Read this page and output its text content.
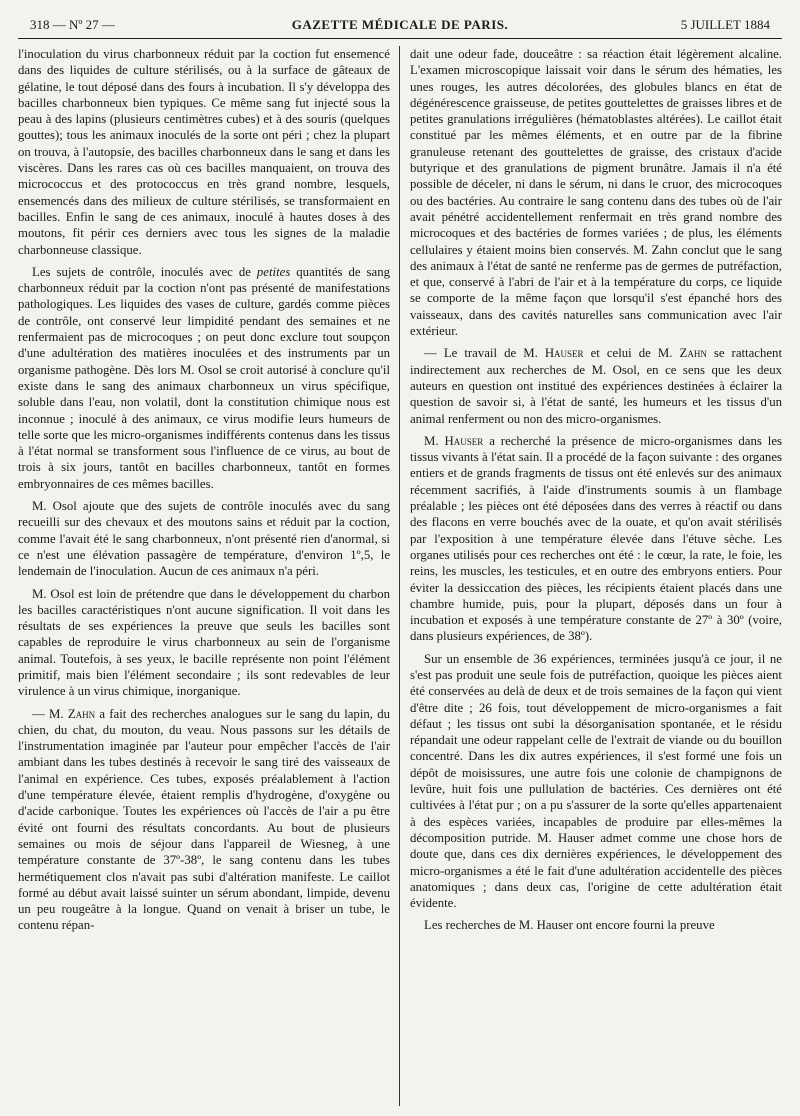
318 — Nº 27 —	GAZETTE MÉDICALE DE PARIS.	5 JUILLET 1884

l'inoculation du virus charbonneux réduit par la coction fut ensemencé dans des liquides de culture stérilisés, ou à la surface de gâteaux de gélatine, le tout déposé dans des fours à incubation. Il s'y développa des bacilles charbonneux bien typiques. Ce même sang fut injecté sous la peau à des lapins (plusieurs centimètres cubes) et à des souris (quelques gouttes); tous les animaux inoculés de la sorte ont péri ; chez la plupart on trouva, à l'autopsie, des bacilles charbonneux dans le sang et dans les viscères. Dans les rares cas où ces bacilles manquaient, on trouva des micrococcus et des protococcus en très grand nombre, lesquels, ensemencés dans des milieux de culture stérilisés, se transformaient en bacilles. Enfin le sang de ces animaux, inoculé à hautes doses à des moutons, fit périr ces derniers avec tous les signes de la maladie charbonneuse classique.

Les sujets de contrôle, inoculés avec de petites quantités de sang charbonneux réduit par la coction n'ont pas présenté de manifestations pathologiques. Les liquides des vases de culture, gardés comme pièces de contrôle, ont conservé leur limpidité pendant des semaines et ne renfermaient pas de microcoques ; on peut donc exclure tout soupçon d'une adultération des matières inoculées et des instruments par un organisme pathogène. Dès lors M. Osol se croit autorisé à conclure qu'il existe dans le sang des animaux charbonneux un virus spécifique, soluble dans l'eau, non volatil, dont la constitution chimique nous est inconnue ; inoculé à des animaux, ce virus modifie leurs humeurs de telle sorte que les micro-organismes indifférents contenus dans les tissus à l'état normal se transforment sous l'influence de ce virus, au bout de trois à six jours, tantôt en bacilles charbonneux, tantôt en formes embryonnaires de ces mêmes bacilles.

M. Osol ajoute que des sujets de contrôle inoculés avec du sang recueilli sur des chevaux et des moutons sains et réduit par la coction, comme l'avait été le sang charbonneux, n'ont présenté rien d'anormal, si ce n'est une élévation passagère de température, d'environ 1º,5, le lendemain de l'inoculation. Aucun de ces animaux n'a péri.

M. Osol est loin de prétendre que dans le développement du charbon les bacilles caractéristiques n'ont aucune signification. Il voit dans les résultats de ses expériences la preuve que seuls les bacilles sont capables de reproduire le virus charbonneux au sein de l'organisme animal. Toutefois, à ses yeux, le bacille représente non point l'élément primitif, mais bien l'élément secondaire ; ils sont redevables de leur virulence à un virus chimique, inorganique.

— M. Zahn a fait des recherches analogues sur le sang du lapin, du chien, du chat, du mouton, du veau. Nous passons sur les détails de l'instrumentation imaginée par l'auteur pour empêcher l'accès de l'air ambiant dans les tubes destinés à recevoir le sang tiré des vaisseaux de l'animal en expérience. Ces tubes, exposés préalablement à l'action d'une température élevée, étaient remplis d'hydrogène, d'oxygène ou d'acide carbonique. Toutes les expériences où l'accès de l'air a pu être évité ont fourni des résultats concordants. Au bout de plusieurs semaines ou mois de séjour dans l'appareil de Wiesneg, à une température constante de 37º-38º, le sang contenu dans les tubes hermétiquement clos n'avait pas subi d'altération manifeste. Le caillot formé au début avait laissé suinter un sérum abondant, limpide, devenu un peu rougeâtre à la longue. Quand on venait à briser un tube, le contenu répan-

dait une odeur fade, douceâtre : sa réaction était légèrement alcaline. L'examen microscopique laissait voir dans le sérum des hématies, les unes rouges, les autres décolorées, des globules blancs en état de dégénérescence graisseuse, de petites gouttelettes de graisses libres et de petites granulations irrégulières (hématoblastes altérées). Le caillot était constitué par les mêmes éléments, et en outre par de la fibrine granuleuse retenant des gouttelettes de graisse, des cristaux d'acide butyrique et des granulations de pigment brunâtre. Jamais il n'a été possible de déceler, ni dans le sérum, ni dans le cruor, des microcoques ou des bactéries. Au contraire le sang contenu dans des tubes où de l'air avait pénétré accidentellement renfermait en très grand nombre des microcoques et des bactéries de formes variées ; de plus, les éléments cellulaires y étaient moins bien conservés. M. Zahn conclut que le sang des animaux à l'état de santé ne renferme pas de germes de putréfaction, et que, conservé à l'abri de l'air et à la température du corps, ce liquide se comporte de la même façon que lorsqu'il s'est épanché hors des vaisseaux, dans des cavités naturelles sans communication avec l'air extérieur.

— Le travail de M. Hauser et celui de M. Zahn se rattachent indirectement aux recherches de M. Osol, en ce sens que les deux auteurs en question ont institué des expériences destinées à éclairer la question de savoir si, à l'état de santé, les humeurs et les tissus d'un animal renferment ou non des micro-organismes.

M. Hauser a recherché la présence de micro-organismes dans les tissus vivants à l'état sain. Il a procédé de la façon suivante : des organes entiers et de grands fragments de tissus ont été enlevés sur des animaux récemment sacrifiés, à l'aide d'instruments soumis à un flambage préalable ; les pièces ont été déposées dans des verres à réactif ou dans des flacons en verre bouchés avec de la ouate, et qu'on avait stérilisés par l'exposition à une température élevée dans l'étuve sèche. Les organes utilisés pour ces recherches ont été : le cœur, la rate, le foie, les reins, les muscles, les testicules, et en outre des embryons entiers. Pour éviter la dessiccation des pièces, les récipients étaient placés dans une chambre humide, puis, pour la plupart, déposés dans un four à incubation et exposés à une température constante de 27º à 30º (voire, dans plusieurs expériences, de 38º).

Sur un ensemble de 36 expériences, terminées jusqu'à ce jour, il ne s'est pas produit une seule fois de putréfaction, quoique les pièces aient été conservées au delà de deux et de trois semaines de la façon qui vient d'être dite ; 26 fois, tout développement de micro-organismes a fait défaut ; les tissus ont subi la désorganisation spontanée, et le résidu répandait une odeur rappelant celle de l'extrait de viande ou du bouillon concentré. Dans les dix autres expériences, il s'est formé une fois un dépôt de moisissures, une autre fois une colonie de champignons de levûre, huit fois une pullulation de bactéries. Ces dernières ont été cultivées à l'état pur ; on a pu s'assurer de la sorte qu'elles appartenaient à des espèces variées, incapables de produire par elles-mêmes la décomposition putride. M. Hauser admet comme une chose hors de doute que, dans ces dix dernières expériences, le développement des micro-organismes a été le fait d'une adultération accidentelle des pièces anatomiques ; dans deux cas, l'origine de cette adultération était évidente.

Les recherches de M. Hauser ont encore fourni la preuve
